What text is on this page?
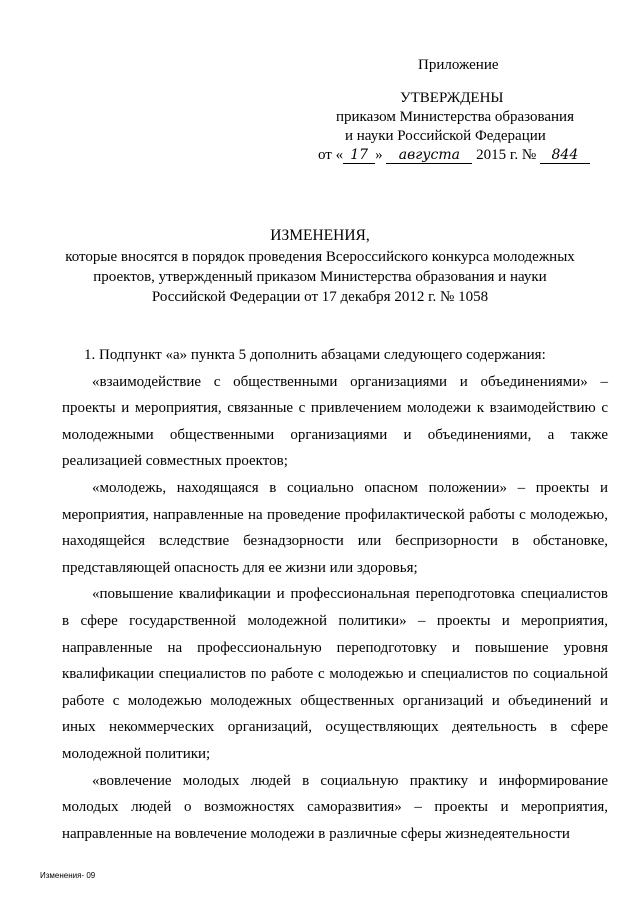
Приложение
УТВЕРЖДЕНЫ
приказом Министерства образования
и науки Российской Федерации
от « 17 » августа 2015 г. № 844
ИЗМЕНЕНИЯ,
которые вносятся в порядок проведения Всероссийского конкурса молодежных проектов, утвержденный приказом Министерства образования и науки Российской Федерации от 17 декабря 2012 г. № 1058

1. Подпункт «а» пункта 5 дополнить абзацами следующего содержания:

«взаимодействие с общественными организациями и объединениями» – проекты и мероприятия, связанные с привлечением молодежи к взаимодействию с молодежными общественными организациями и объединениями, а также реализацией совместных проектов;

«молодежь, находящаяся в социально опасном положении» – проекты и мероприятия, направленные на проведение профилактической работы с молодежью, находящейся вследствие безнадзорности или беспризорности в обстановке, представляющей опасность для ее жизни или здоровья;

«повышение квалификации и профессиональная переподготовка специалистов в сфере государственной молодежной политики» – проекты и мероприятия, направленные на профессиональную переподготовку и повышение уровня квалификации специалистов по работе с молодежью и специалистов по социальной работе с молодежью молодежных общественных организаций и объединений и иных некоммерческих организаций, осуществляющих деятельность в сфере молодежной политики;

«вовлечение молодых людей в социальную практику и информирование молодых людей о возможностях саморазвития» – проекты и мероприятия, направленные на вовлечение молодежи в различные сферы жизнедеятельности

Изменения- 09
